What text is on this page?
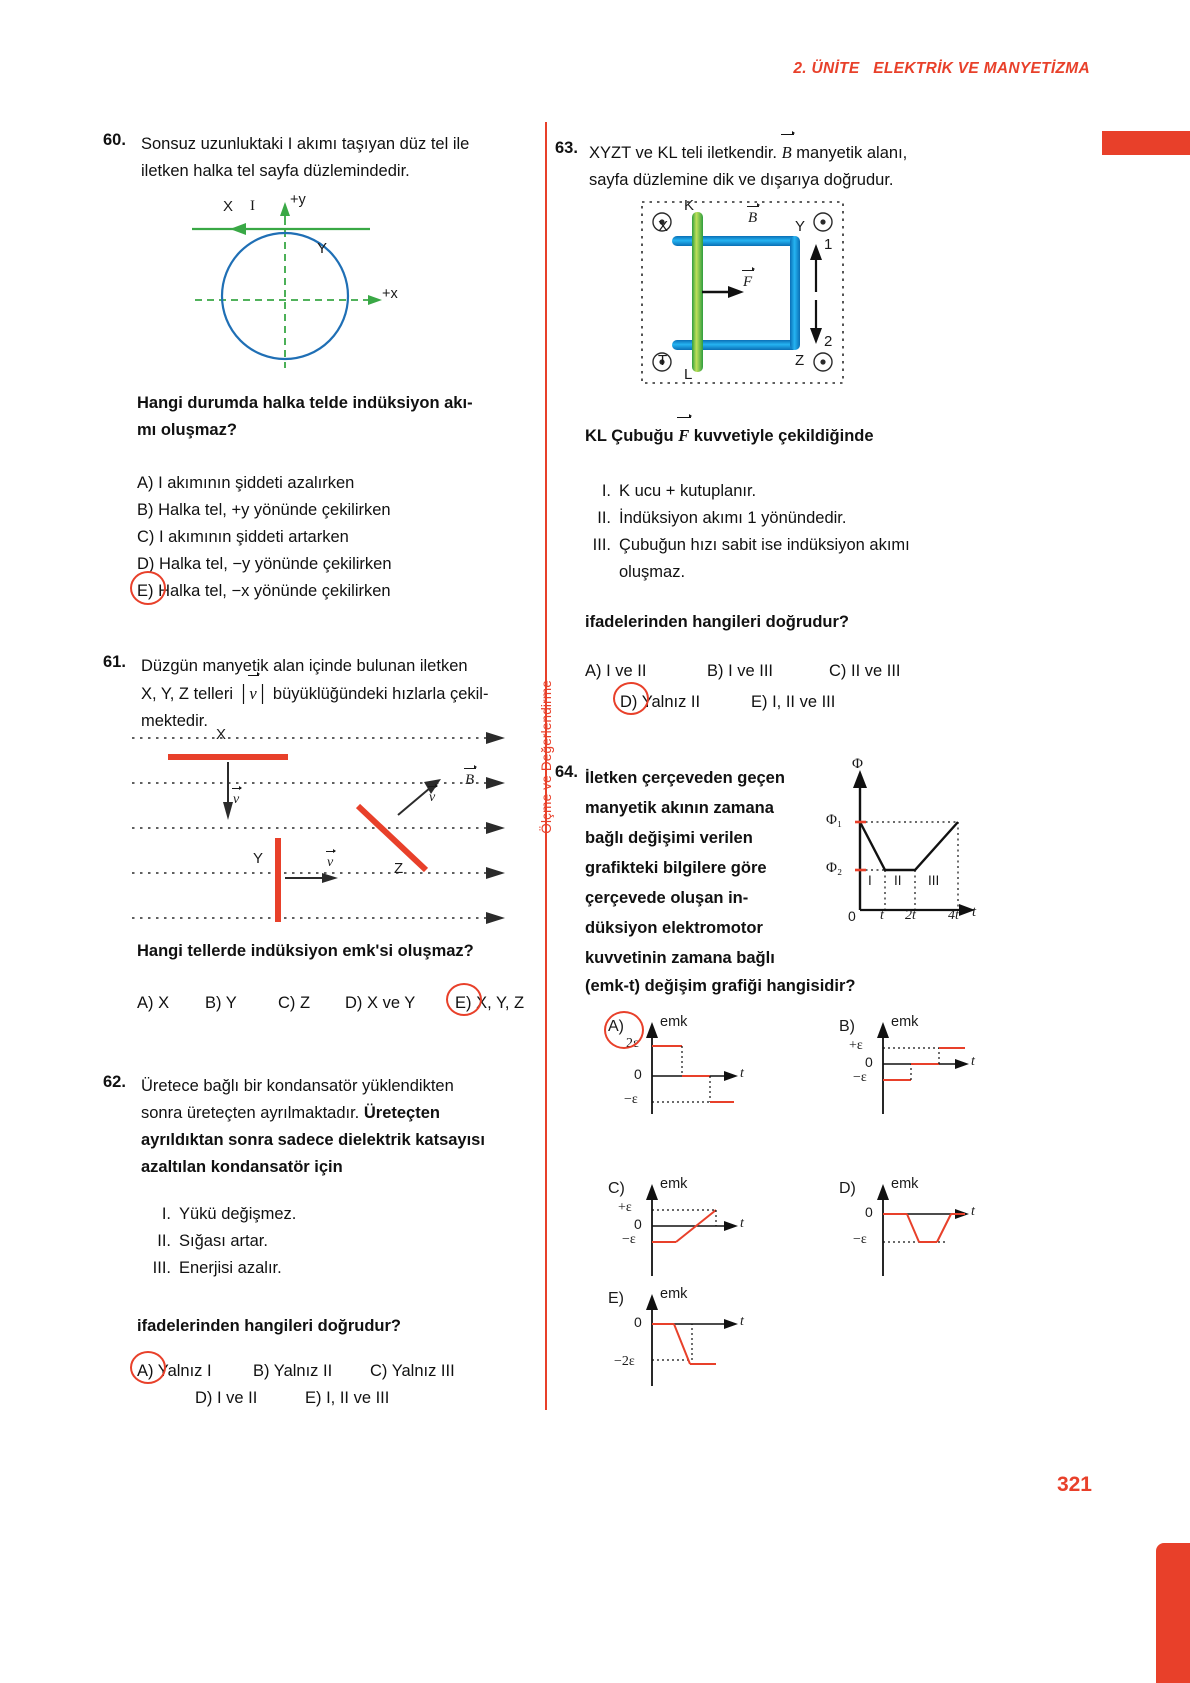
2. ÜNİTE   ELEKTRİK VE MANYETİZMA
Ölçme ve Değerlendirme
60. Sonsuz uzunluktaki I akımı taşıyan düz tel ile
iletken halka tel sayfa düzlemindedir.
X I +y
+x
Y
Hangi durumda halka telde indüksiyon akı-
mı oluşmaz?
A) I akımının şiddeti azalırken
B) Halka tel, +y yönünde çekilirken
C) I akımının şiddeti artarken
D) Halka tel, −y yönünde çekilirken
E) Halka tel, −x yönünde çekilirken
61. Düzgün manyetik alan içinde bulunan iletken
X, Y, Z telleri │v
│ büyüklüğündeki hızlarla çekil-
mektedir.
X
Y
Z
B
v
v
v
Hangi tellerde indüksiyon emk'si oluşmaz?
A) X B) Y C) Z D) X ve Y E) X, Y, Z
62. Üretece bağlı bir kondansatör yüklendikten
sonra üreteçten ayrılmaktadır. Üreteçten
ayrıldıktan sonra sadece dielektrik katsayısı
azaltılan kondansatör için
I. Yükü değişmez.
II. Sığası artar.
III. Enerjisi azalır.
ifadelerinden hangileri doğrudur?
A) Yalnız I	B) Yalnız II C) Yalnız III
D) I ve II	E) I, II ve III
63. XYZT ve KL teli iletkendir. B
manyetik alanı,
sayfa düzlemine dik ve dışarıya doğrudur.
K
L
X	Y
Z
T
B
F
1
2
KL Çubuğu F
kuvvetiyle çekildiğinde
I. K ucu + kutuplanır.
II. İndüksiyon akımı 1 yönündedir.
III. Çubuğun hızı sabit ise indüksiyon akımı
oluşmaz.
ifadelerinden hangileri doğrudur?
A) I ve II	B) I ve III	C) II ve III
D) Yalnız II	E) I, II ve III
64. İletken çerçeveden geçen
manyetik akının zamana
bağlı değişimi verilen
grafikteki bilgilere göre
çerçevede oluşan in-
düksiyon elektromotor
kuvvetinin zamana bağlı
(emk-t) değişim grafiği hangisidir?
Φ
t
Φ₁
Φ₂
0 t 2t 4t
I II III
A) emk
t
2ε
0
−ε
B) emk
t
+ε
0
−ε
C) emk
t
+ε
0
−ε
D) emk
t
0
−ε
E) emk
t
0
−2ε
321
